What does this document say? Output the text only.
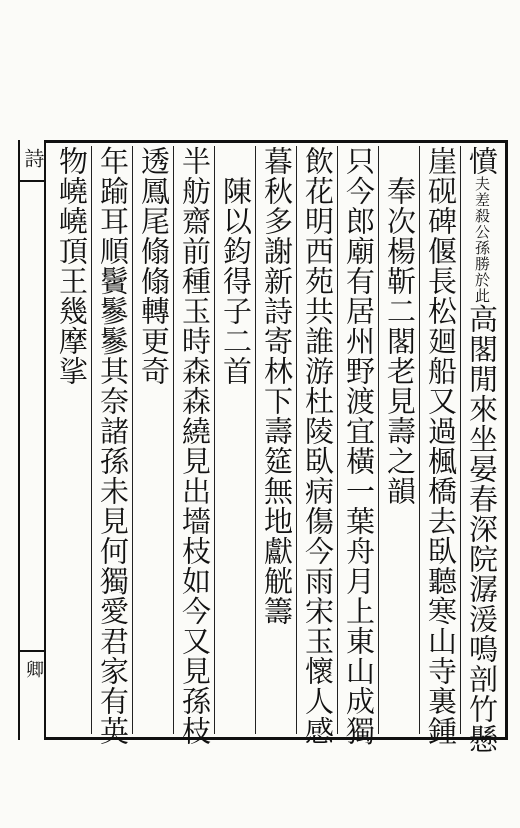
詩
卿
憤夫差殺公孫勝於此高閣閒來坐晏春深院潺湲鳴剖竹懸
崖砚碑偃長松廻船又過楓橋去臥聽寒山寺裏鍾
　奉次楊靳二閣老見壽之韻
只今郎廟有居州野渡宜橫一葉舟月上東山成獨
飲花明西苑共誰游杜陵臥病傷今雨宋玉懷人感
暮秋多謝新詩寄林下壽筵無地獻觥籌
　陳以鈞得子二首
半舫齋前種玉時森森繞見出墻枝如今又見孫枝
透鳳尾翛翛轉更奇
年踰耳順鬢鬖鬖其奈諸孫未見何獨愛君家有英
物嶢嶢頂王幾摩挲
